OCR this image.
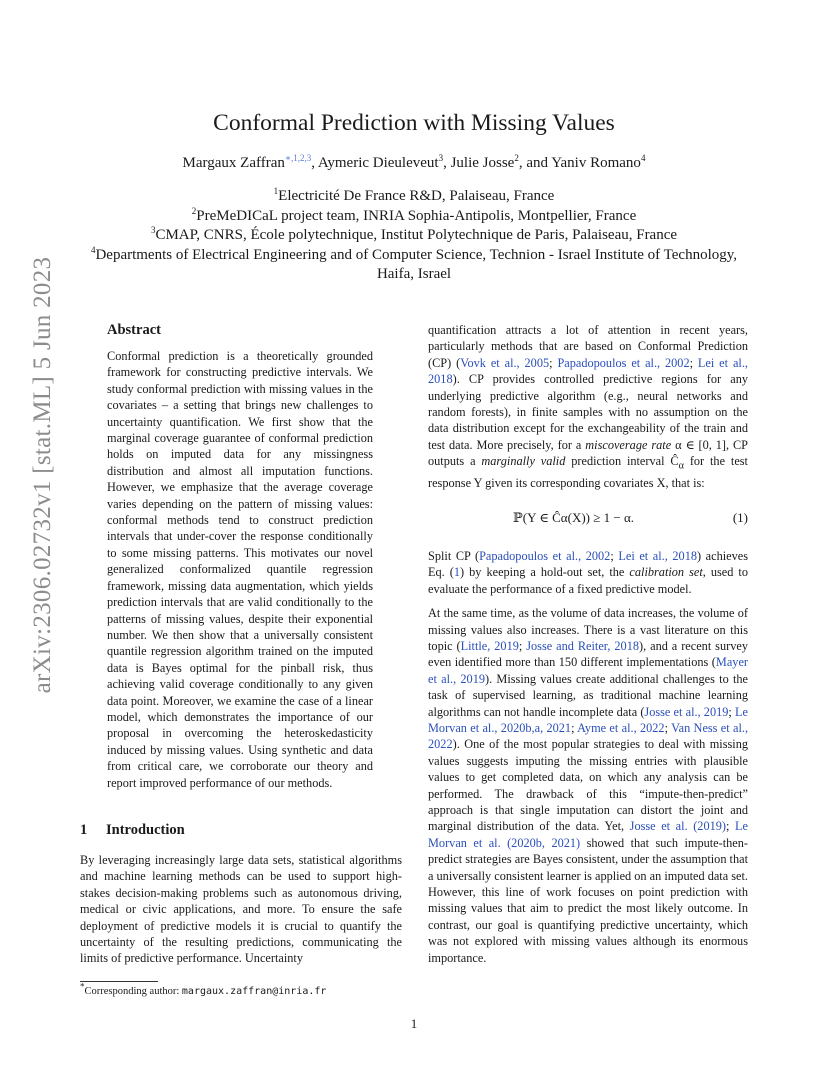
arXiv:2306.02732v1 [stat.ML] 5 Jun 2023
Conformal Prediction with Missing Values
Margaux Zaffran$^{∗,1,2,3}$, Aymeric Dieuleveut$^3$, Julie Josse$^2$, and Yaniv Romano$^4$
$^1$Electricité De France R&D, Palaiseau, France
$^2$PreMeDICaL project team, INRIA Sophia-Antipolis, Montpellier, France
$^3$CMAP, CNRS, École polytechnique, Institut Polytechnique de Paris, Palaiseau, France
$^4$Departments of Electrical Engineering and of Computer Science, Technion - Israel Institute of Technology, Haifa, Israel
Abstract
Conformal prediction is a theoretically grounded framework for constructing predictive intervals. We study conformal prediction with missing values in the covariates – a setting that brings new challenges to uncertainty quantification. We first show that the marginal coverage guarantee of conformal prediction holds on imputed data for any missingness distribution and almost all imputation functions. However, we emphasize that the average coverage varies depending on the pattern of missing values: conformal methods tend to construct prediction intervals that under-cover the response conditionally to some missing patterns. This motivates our novel generalized conformalized quantile regression framework, missing data augmentation, which yields prediction intervals that are valid conditionally to the patterns of missing values, despite their exponential number. We then show that a universally consistent quantile regression algorithm trained on the imputed data is Bayes optimal for the pinball risk, thus achieving valid coverage conditionally to any given data point. Moreover, we examine the case of a linear model, which demonstrates the importance of our proposal in overcoming the heteroskedasticity induced by missing values. Using synthetic and data from critical care, we corroborate our theory and report improved performance of our methods.
1 Introduction
By leveraging increasingly large data sets, statistical algorithms and machine learning methods can be used to support high-stakes decision-making problems such as autonomous driving, medical or civic applications, and more. To ensure the safe deployment of predictive models it is crucial to quantify the uncertainty of the resulting predictions, communicating the limits of predictive performance. Uncertainty

quantification attracts a lot of attention in recent years, particularly methods that are based on Conformal Prediction (CP) (Vovk et al., 2005; Papadopoulos et al., 2002; Lei et al., 2018). CP provides controlled predictive regions for any underlying predictive algorithm (e.g., neural networks and random forests), in finite samples with no assumption on the data distribution except for the exchangeability of the train and test data. More precisely, for a miscoverage rate α ∈ [0, 1], CP outputs a marginally valid prediction interval $Ĉ_\alpha$ for the test response Y given its corresponding covariates X, that is:

ℙ(Y ∈ Ĉα(X)) ≥ 1 − α.	(1)

Split CP (Papadopoulos et al., 2002; Lei et al., 2018) achieves Eq. (1) by keeping a hold-out set, the calibration set, used to evaluate the performance of a fixed predictive model.

At the same time, as the volume of data increases, the volume of missing values also increases. There is a vast literature on this topic (Little, 2019; Josse and Reiter, 2018), and a recent survey even identified more than 150 different implementations (Mayer et al., 2019). Missing values create additional challenges to the task of supervised learning, as traditional machine learning algorithms can not handle incomplete data (Josse et al., 2019; Le Morvan et al., 2020b,a, 2021; Ayme et al., 2022; Van Ness et al., 2022). One of the most popular strategies to deal with missing values suggests imputing the missing entries with plausible values to get completed data, on which any analysis can be performed. The drawback of this “impute-then-predict” approach is that single imputation can distort the joint and marginal distribution of the data. Yet, Josse et al. (2019); Le Morvan et al. (2020b, 2021) showed that such impute-then-predict strategies are Bayes consistent, under the assumption that a universally consistent learner is applied on an imputed data set. However, this line of work focuses on point prediction with missing values that aim to predict the most likely outcome. In contrast, our goal is quantifying predictive uncertainty, which was not explored with missing values although its enormous importance.

*Corresponding author: margaux.zaffran@inria.fr
1
